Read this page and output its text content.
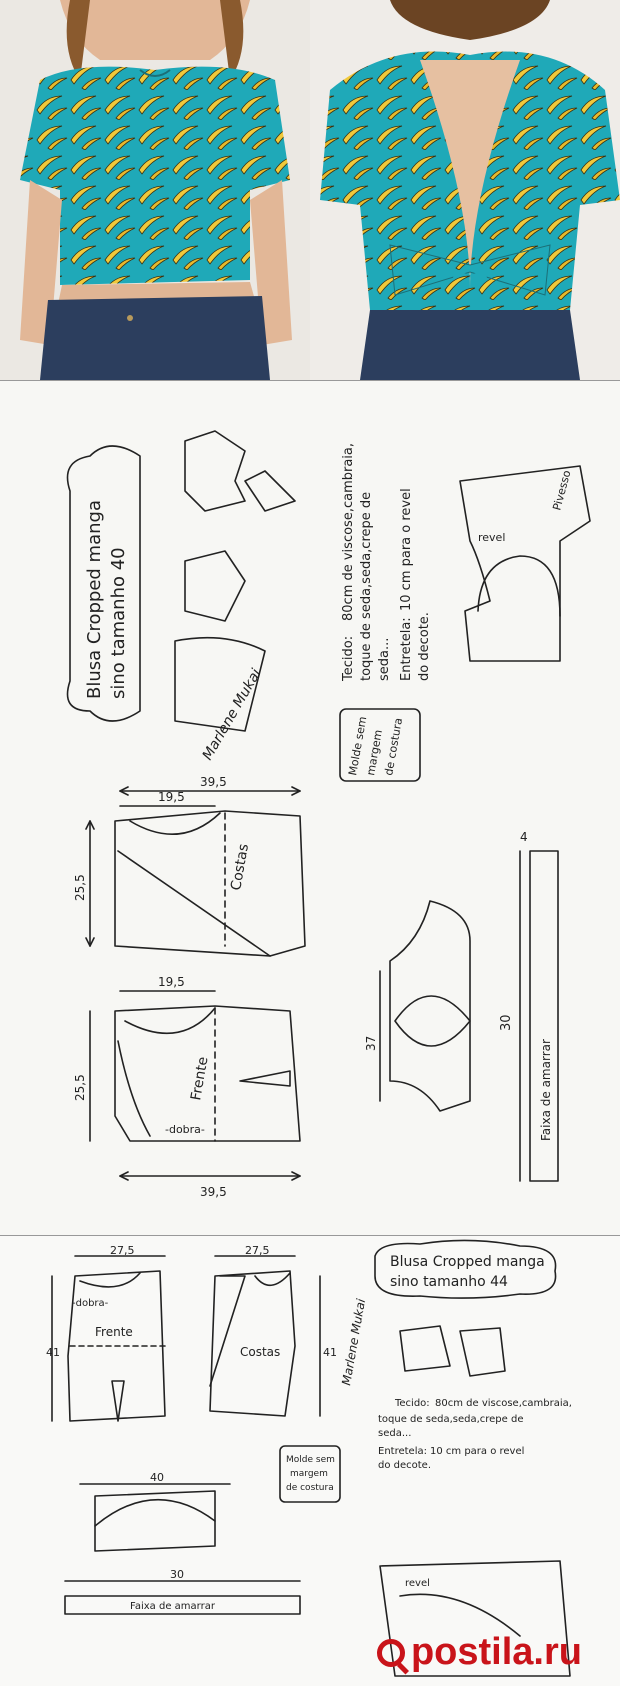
Blusa Cropped manga sino tamanho 40	Tecido:
80cm de viscose,cambraia, toque de seda,seda,crepe de seda... Entretela:
10 cm para o revel
do decote.
Molde sem
margem
de costura
Costas
Frente
-dobra-	Faixa de amarrar
39,5
19,5
25,5
19,5
25,5
39,5
37
30
4
revel
Pivesso
Marlene Mukai
27,5	27,5
41	41
Frente
Costas
-dobra-
Blusa Cropped manga
sino tamanho 44
Tecido: 80cm de viscose,cambraia,
toque de seda,seda,crepe de
seda...
Entretela: 10 cm para o revel
do decote.
Molde sem
margem
de costura
40
30
Faixa de amarrar
revel
Marlene Mukai
postila.ru
